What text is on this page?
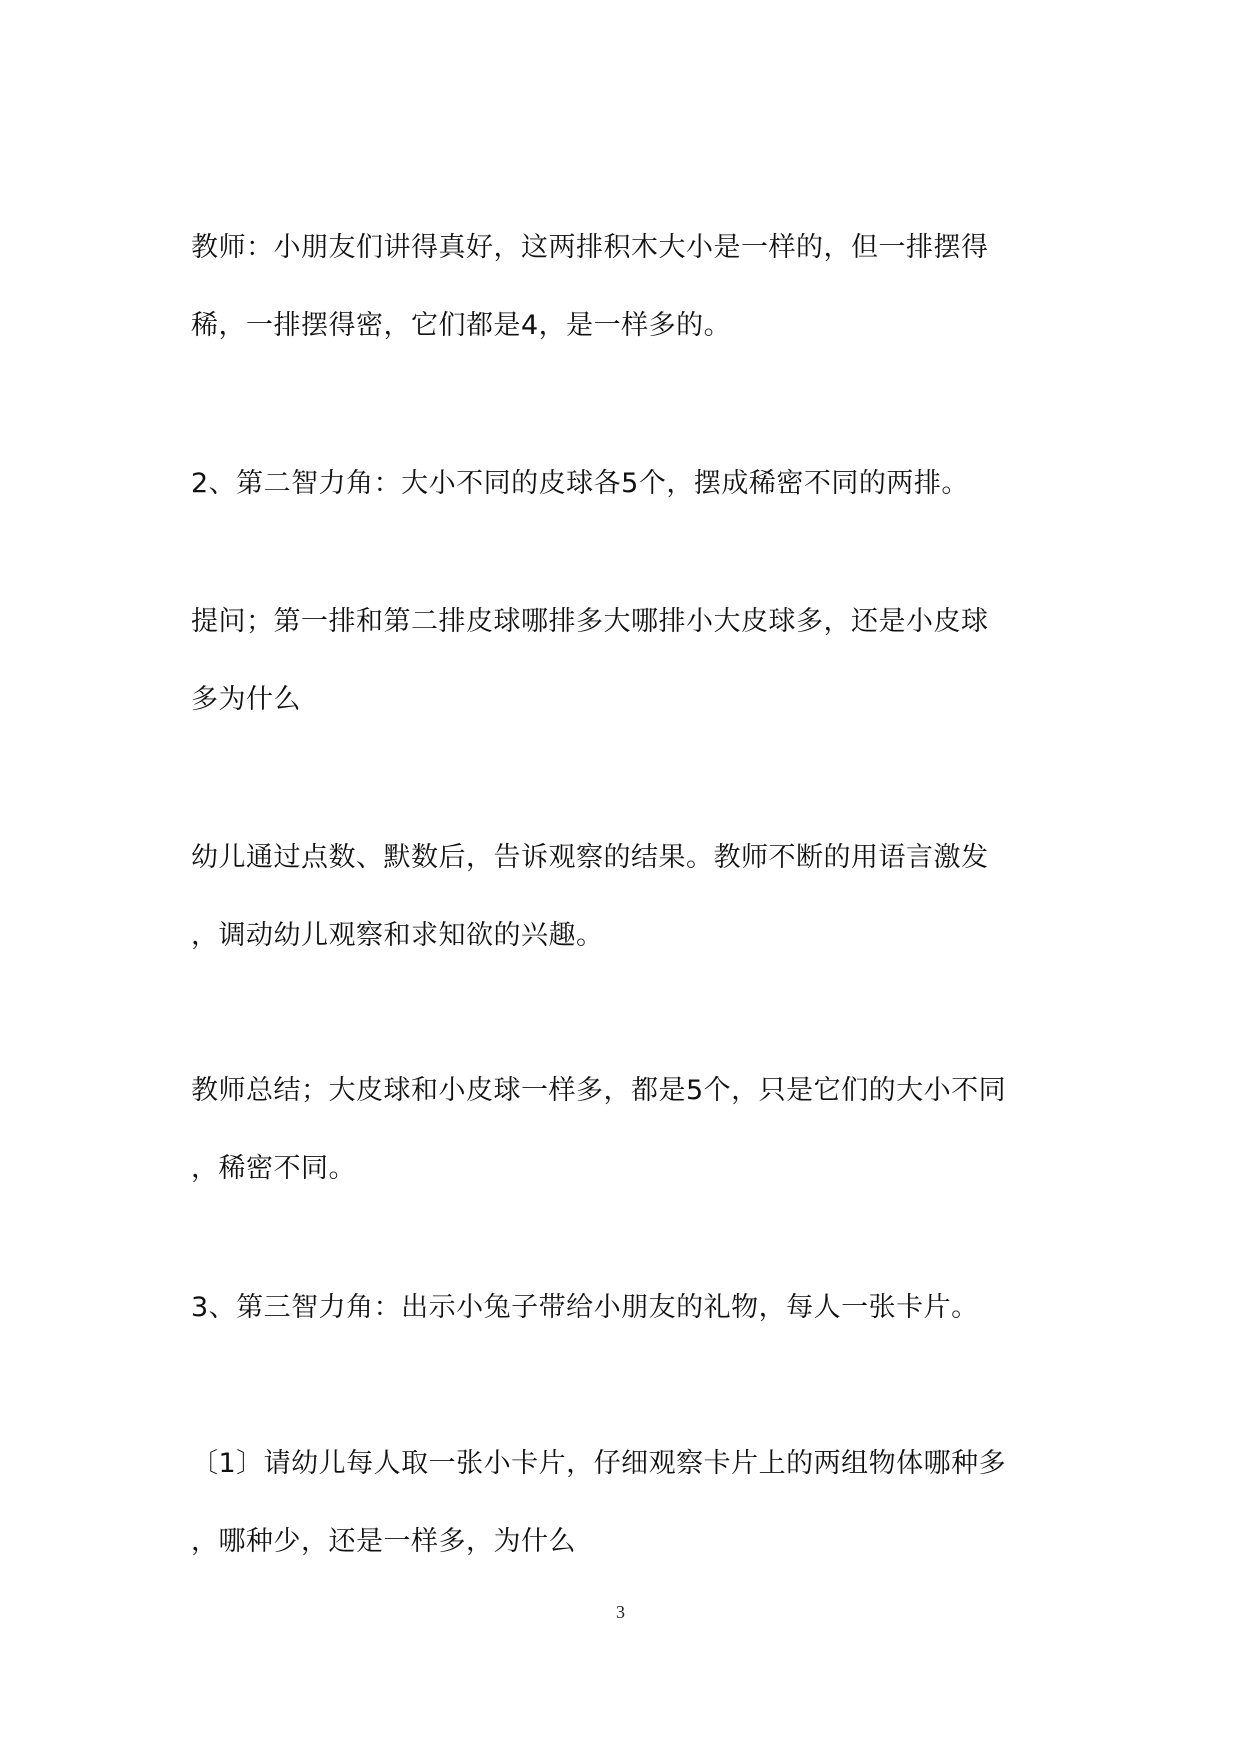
教师：小朋友们讲得真好，这两排积木大小是一样的，但一排摆得
稀，一排摆得密，它们都是4，是一样多的。
2、第二智力角：大小不同的皮球各5个，摆成稀密不同的两排。
提问；第一排和第二排皮球哪排多大哪排小大皮球多，还是小皮球
多为什么
幼儿通过点数、默数后，告诉观察的结果。教师不断的用语言激发
，调动幼儿观察和求知欲的兴趣。
教师总结；大皮球和小皮球一样多，都是5个，只是它们的大小不同
，稀密不同。
3、第三智力角：出示小兔子带给小朋友的礼物，每人一张卡片。
〔1〕请幼儿每人取一张小卡片，仔细观察卡片上的两组物体哪种多
，哪种少，还是一样多，为什么
3
